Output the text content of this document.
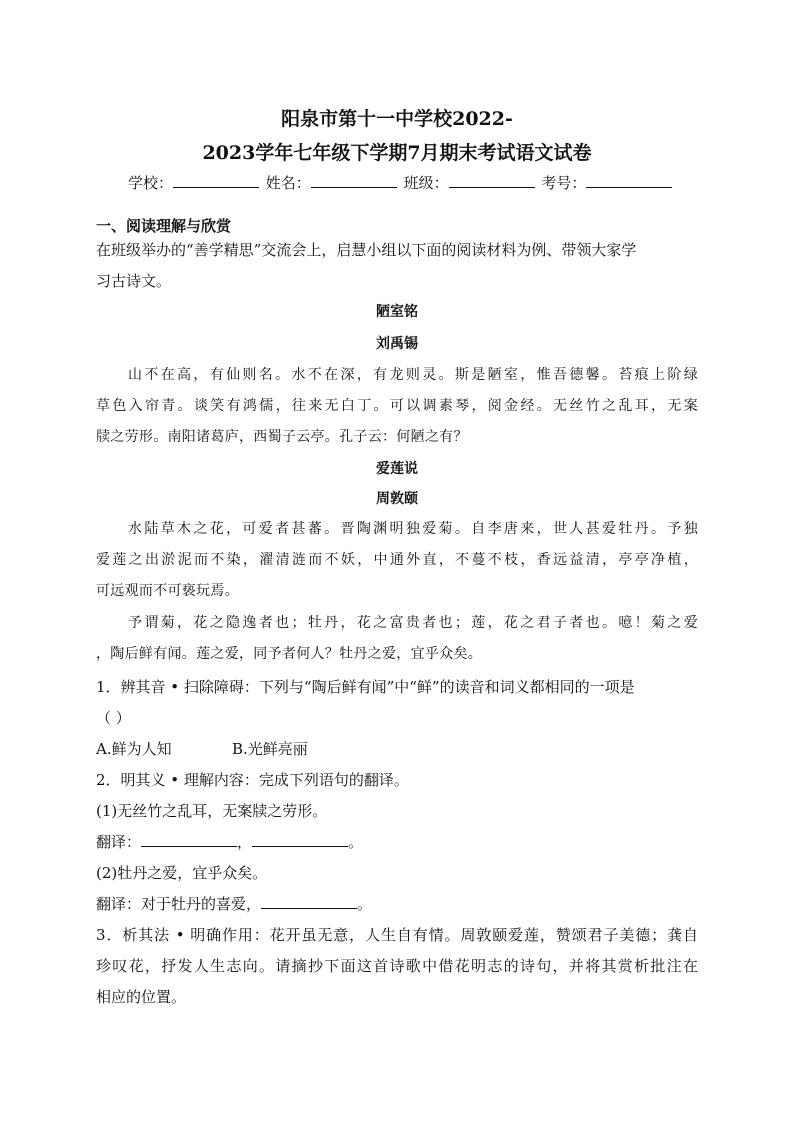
阳泉市第十一中学校2022-
2023学年七年级下学期7月期末考试语文试卷
学校：	姓名：	班级：	考号：
一、阅读理解与欣赏
在班级举办的“善学精思”交流会上，启慧小组以下面的阅读材料为例、带领大家学
习古诗文。
陋室铭
刘禹锡
山不在高，有仙则名。水不在深，有龙则灵。斯是陋室，惟吾德馨。苔痕上阶绿
草色入帘青。谈笑有鸿儒，往来无白丁。可以调素琴，阅金经。无丝竹之乱耳，无案
牍之劳形。南阳诸葛庐，西蜀子云亭。孔子云：何陋之有？
爱莲说
周敦颐
水陆草木之花，可爱者甚蕃。晋陶渊明独爱菊。自李唐来，世人甚爱牡丹。予独
爱莲之出淤泥而不染，濯清涟而不妖，中通外直，不蔓不枝，香远益清，亭亭净植，
可远观而不可亵玩焉。
予谓菊，花之隐逸者也；牡丹，花之富贵者也；莲，花之君子者也。噫！菊之爱
，陶后鲜有闻。莲之爱，同予者何人？牡丹之爱，宜乎众矣。
1．辨其音 • 扫除障碍：下列与“陶后鲜有闻”中“鲜”的读音和词义都相同的一项是
（ ）
A.鲜为人知	B.光鲜亮丽
2．明其义 • 理解内容：完成下列语句的翻译。
(1)无丝竹之乱耳，无案牍之劳形。
翻译：	，	。
(2)牡丹之爱，宜乎众矣。
翻译：对于牡丹的喜爱，	。
3．析其法 • 明确作用：花开虽无意，人生自有情。周敦颐爱莲，赞颂君子美德；龚自
珍叹花，抒发人生志向。请摘抄下面这首诗歌中借花明志的诗句，并将其赏析批注在
相应的位置。
